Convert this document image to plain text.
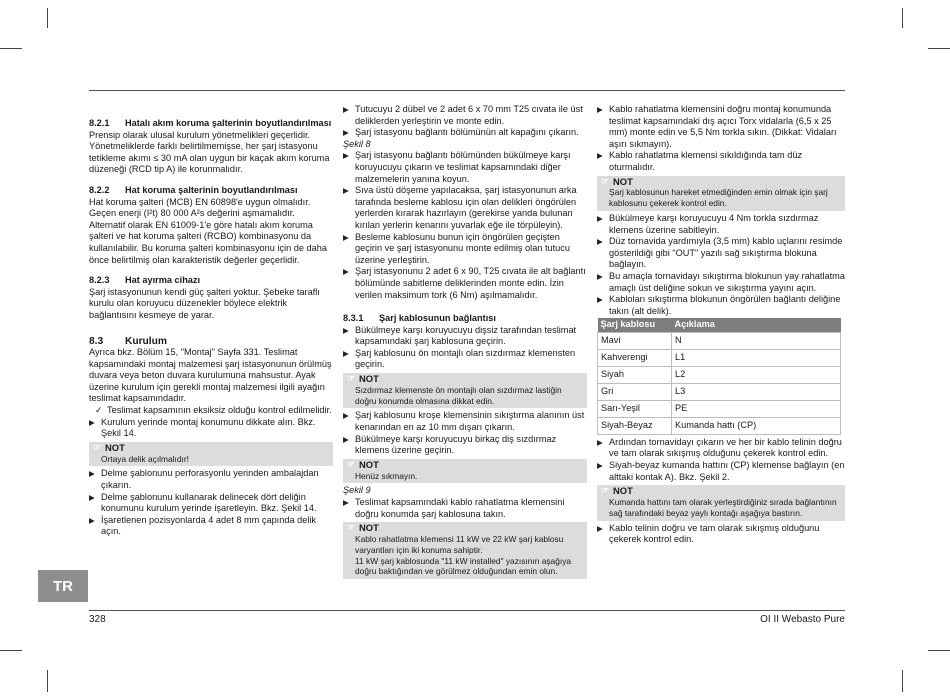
8.2.1	Hatalı akım koruma şalterinin boyutlandırılması

Prensip olarak ulusal kurulum yönetmelikleri geçerlidir. Yönetmeliklerde farklı belirtilmemişse, her şarj istasyonu tetikleme akımı ≤ 30 mA olan uygun bir kaçak akım koruma düzeneği (RCD tip A) ile korunmalıdır.

8.2.2	Hat koruma şalterinin boyutlandırılması

Hat koruma şalteri (MCB) EN 60898'e uygun olmalıdır. Geçen enerji (I²t) 80 000 A²s değerini aşmamalıdır. Alternatif olarak EN 61009-1'e göre hatalı akım koruma şalteri ve hat koruma şalteri (RCBO) kombinasyonu da kullanılabilir. Bu koruma şalteri kombinasyonu için de daha önce belirtilmiş olan karakteristik değerler geçerlidir.

8.2.3	Hat ayırma cihazı

Şarj istasyonunun kendi güç şalteri yoktur. Şebeke taraflı kurulu olan koruyucu düzenekler böylece elektrik bağlantısını kesmeye de yarar.

8.3	Kurulum

Ayrıca bkz. Bölüm 15, "Montaj" Sayfa 331. Teslimat kapsamındaki montaj malzemesi şarj istasyonunun örülmüş duvara veya beton duvara kurulumuna mahsustur. Ayak üzerine kurulum için gerekli montaj malzemesi ilgili ayağın teslimat kapsamındadır.

✓ Teslimat kapsamının eksiksiz olduğu kontrol edilmelidir.

▶ Kurulum yerinde montaj konumunu dikkate alın. Bkz. Şekil 14.

☞ NOT
Ortaya delik açılmalıdır!

▶ Delme şablonunu perforasyonlu yerinden ambalajdan çıkarın.

▶ Delme şablonunu kullanarak delinecek dört deliğin konumunu kurulum yerinde işaretleyin. Bkz. Şekil 14.

▶ İşaretlenen pozisyonlarda 4 adet 8 mm çapında delik açın.

▶ Tutucuyu 2 dübel ve 2 adet 6 x 70 mm T25 cıvata ile üst deliklerden yerleştirin ve monte edin.

▶ Şarj istasyonu bağlantı bölümünün alt kapağını çıkarın.

Şekil 8

▶ Şarj istasyonu bağlantı bölümünden bükülmeye karşı koruyucuyu çıkarın ve teslimat kapsamındaki diğer malzemelerin yanına koyun.

▶ Sıva üstü döşeme yapılacaksa, şarj istasyonunun arka tarafında besleme kablosu için olan delikleri öngörülen yerlerden kırarak hazırlayın (gerekirse yanda bulunan kırılan yerlerin kenarını yuvarlak eğe ile törpüleyin).

▶ Besleme kablosunu bunun için öngörülen geçişten geçirin ve şarj istasyonunu monte edilmiş olan tutucu üzerine yerleştirin.

▶ Şarj istasyonunu 2 adet 6 x 90, T25 cıvata ile alt bağlantı bölümünde sabitleme deliklerinden monte edin. İzin verilen maksimum tork (6 Nm) aşılmamalıdır.

8.3.1	Şarj kablosunun bağlantısı

▶ Bükülmeye karşı koruyucuyu dişsiz tarafından teslimat kapsamındaki şarj kablosuna geçirin.

▶ Şarj kablosunu ön montajlı olan sızdırmaz klemensten geçirin.

☞ NOT
Sızdırmaz klemenste ön montajlı olan sızdırmaz lastiğin doğru konumda olmasına dikkat edin.

▶ Şarj kablosunu kroşe klemensinin sıkıştırma alanının üst kenarından en az 10 mm dışarı çıkarın.

▶ Bükülmeye karşı koruyucuyu birkaç diş sızdırmaz klemens üzerine geçirin.

☞ NOT
Henüz sıkmayın.

Şekil 9

▶ Teslimat kapsamındaki kablo rahatlatma klemensini doğru konumda şarj kablosuna takın.

☞ NOT
Kablo rahatlatma klemensi 11 kW ve 22 kW şarj kablosu varyantları için iki konuma sahiptir.
11 kW şarj kablosunda "11 kW installed" yazısının aşağıya doğru baktığından ve görülmez olduğundan emin olun.

▶ Kablo rahatlatma klemensini doğru montaj konumunda teslimat kapsamındaki dış açıcı Torx vidalarla (6,5 x 25 mm) monte edin ve 5,5 Nm torkla sıkın. (Dikkat: Vidaları aşırı sıkmayın).

▶ Kablo rahatlatma klemensi sıkıldığında tam düz oturmalıdır.

☞ NOT
Şarj kablosunun hareket etmediğinden emin olmak için şarj kablosunu çekerek kontrol edin.

▶ Bükülmeye karşı koruyucuyu 4 Nm torkla sızdırmaz klemens üzerine sabitleyin.

▶ Düz tornavida yardımıyla (3,5 mm) kablo uçlarını resimde gösterildiği gibi "OUT" yazılı sağ sıkıştırma blokuna bağlayın.

▶ Bu amaçla tornavidayı sıkıştırma blokunun yay rahatlatma amaçlı üst deliğine sokun ve sıkıştırma yayını açın.

▶ Kabloları sıkıştırma blokunun öngörülen bağlantı deliğine takın (alt delik).

Şarj kablosu	Açıklama
Mavi	N
Kahverengi	L1
Siyah	L2
Gri	L3
Sarı-Yeşil	PE
Siyah-Beyaz	Kumanda hattı (CP)

▶ Ardından tornavidayı çıkarın ve her bir kablo telinin doğru ve tam olarak sıkışmış olduğunu çekerek kontrol edin.

▶ Siyah-beyaz kumanda hattını (CP) klemense bağlayın (en alttaki kontak A). Bkz. Şekil 2.

☞ NOT
Kumanda hattını tam olarak yerleştirdiğiniz sırada bağlantının sağ tarafındaki beyaz yaylı kontağı aşağıya bastırın.

▶ Kablo telinin doğru ve tam olarak sıkışmış olduğunu çekerek kontrol edin.

TR
328	OI II Webasto Pure
